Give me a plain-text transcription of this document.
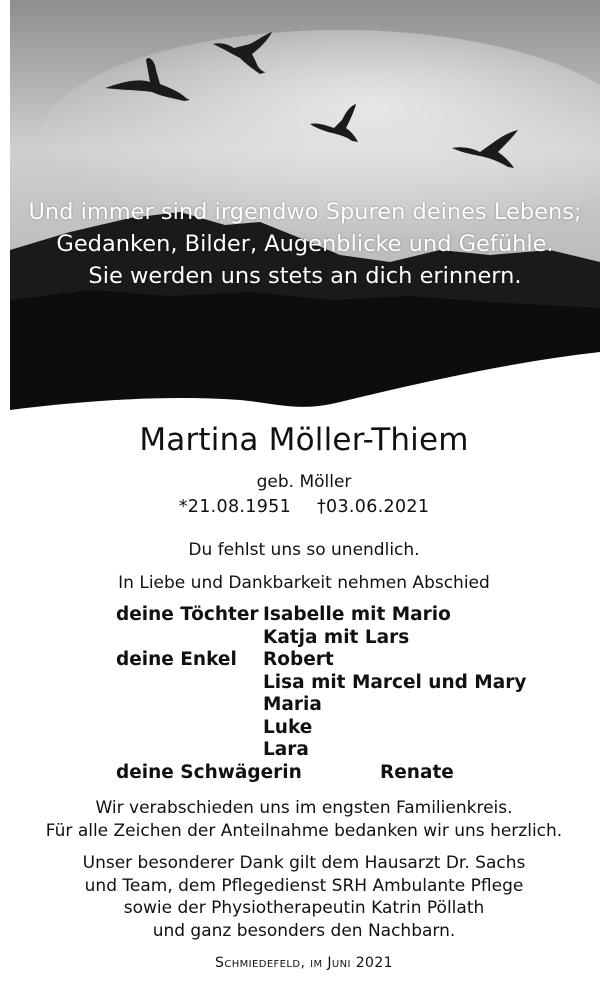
Und immer sind irgendwo Spuren deines Lebens;
Gedanken, Bilder, Augenblicke und Gefühle.
Sie werden uns stets an dich erinnern.
Martina Möller-Thiem
geb. Möller
*21.08.1951 †03.06.2021
Du fehlst uns so unendlich.
In Liebe und Dankbarkeit nehmen Abschied
deine Töchter Isabelle mit Mario
Katja mit Lars
deine Enkel Robert
Lisa mit Marcel und Mary
Maria
Luke
Lara
deine Schwägerin	Renate
Wir verabschieden uns im engsten Familienkreis.
Für alle Zeichen der Anteilnahme bedanken wir uns herzlich.
Unser besonderer Dank gilt dem Hausarzt Dr. Sachs
und Team, dem Pflegedienst SRH Ambulante Pflege
sowie der Physiotherapeutin Katrin Pöllath
und ganz besonders den Nachbarn.
Schmiedefeld, im Juni 2021
